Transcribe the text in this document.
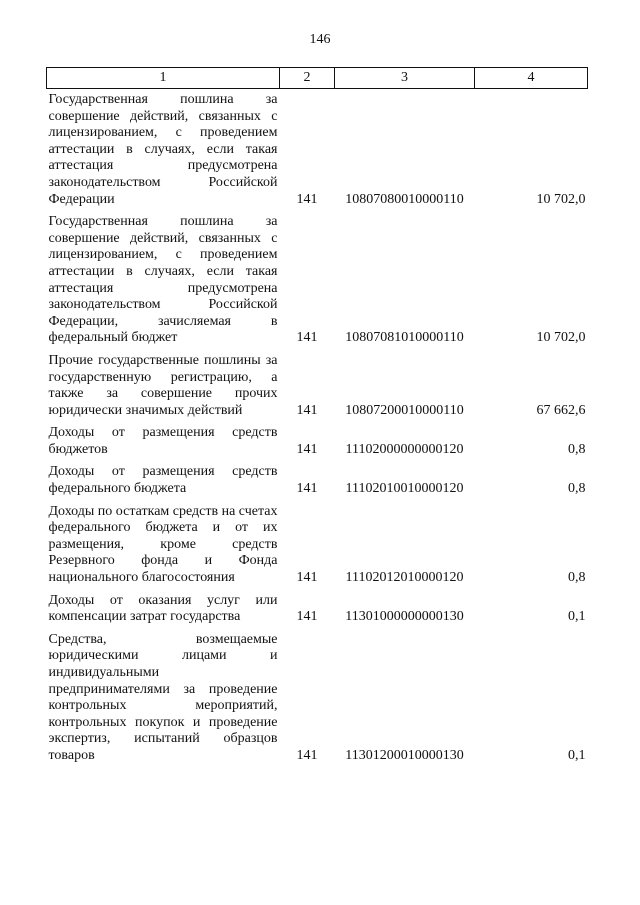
146
1	2	3	4
Государственная пошлина за совершение действий, связанных с лицензированием, с проведением аттестации в случаях, если такая аттестация предусмотрена законодательством Российской Федерации	141	10807080010000110	10 702,0
Государственная пошлина за совершение действий, связанных с лицензированием, с проведением аттестации в случаях, если такая аттестация предусмотрена законодательством Российской Федерации, зачисляемая в федеральный бюджет	141	10807081010000110	10 702,0
Прочие государственные пошлины за государственную регистрацию, а также за совершение прочих юридически значимых действий	141	10807200010000110	67 662,6
Доходы от размещения средств бюджетов	141	11102000000000120	0,8
Доходы от размещения средств федерального бюджета	141	11102010010000120	0,8
Доходы по остаткам средств на счетах федерального бюджета и от их размещения, кроме средств Резервного фонда и Фонда национального благосостояния	141	11102012010000120	0,8
Доходы от оказания услуг или компенсации затрат государства	141	11301000000000130	0,1
Средства, возмещаемые юридическими лицами и индивидуальными предпринимателями за проведение контрольных мероприятий, контрольных покупок и проведение экспертиз, испытаний образцов товаров	141	11301200010000130	0,1
